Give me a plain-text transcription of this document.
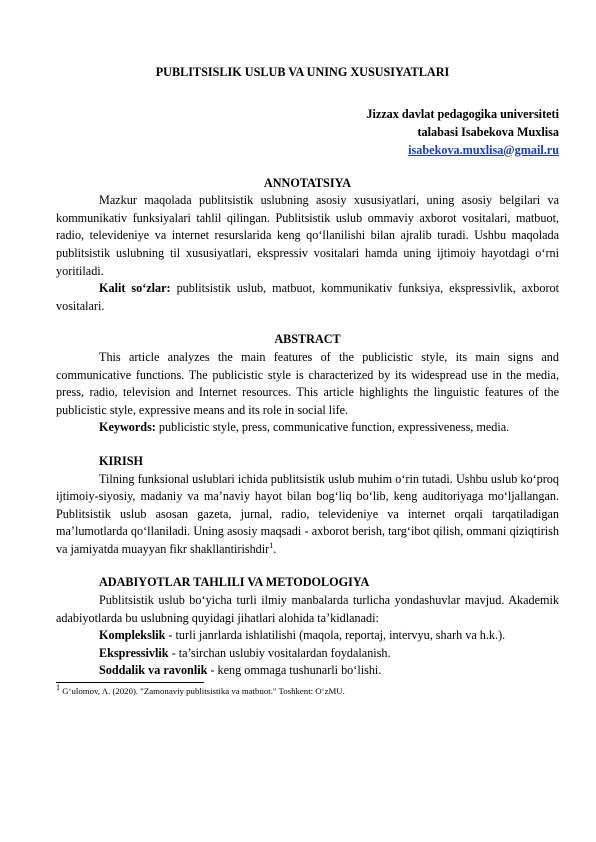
PUBLITSISLIK USLUB VA UNING XUSUSIYATLARI
Jizzax davlat pedagogika universiteti
talabasi Isabekova Muxlisa
isabekova.muxlisa@gmail.ru
ANNOTATSIYA

Mazkur maqolada publitsistik uslubning asosiy xususiyatlari, uning asosiy belgilari va kommunikativ funksiyalari tahlil qilingan. Publitsistik uslub ommaviy axborot vositalari, matbuot, radio, televideniye va internet resurslarida keng qo‘llanilishi bilan ajralib turadi. Ushbu maqolada publitsistik uslubning til xususiyatlari, ekspressiv vositalari hamda uning ijtimoiy hayotdagi o‘rni yoritiladi.

Kalit so‘zlar: publitsistik uslub, matbuot, kommunikativ funksiya, ekspressivlik, axborot vositalari.

ABSTRACT

This article analyzes the main features of the publicistic style, its main signs and communicative functions. The publicistic style is characterized by its widespread use in the media, press, radio, television and Internet resources. This article highlights the linguistic features of the publicistic style, expressive means and its role in social life.

Keywords: publicistic style, press, communicative function, expressiveness, media.

KIRISH

Tilning funksional uslublari ichida publitsistik uslub muhim o‘rin tutadi. Ushbu uslub ko‘proq ijtimoiy-siyosiy, madaniy va ma’naviy hayot bilan bog‘liq bo‘lib, keng auditoriyaga mo‘ljallangan. Publitsistik uslub asosan gazeta, jurnal, radio, televideniye va internet orqali tarqatiladigan ma’lumotlarda qo‘llaniladi. Uning asosiy maqsadi - axborot berish, targ‘ibot qilish, ommani qiziqtirish va jamiyatda muayyan fikr shakllantirishdir$^1$.

ADABIYOTLAR TAHLILI VA METODOLOGIYA

Publitsistik uslub bo‘yicha turli ilmiy manbalarda turlicha yondashuvlar mavjud. Akademik adabiyotlarda bu uslubning quyidagi jihatlari alohida ta’kidlanadi:

Komplekslik - turli janrlarda ishlatilishi (maqola, reportaj, intervyu, sharh va h.k.).

Ekspressivlik - ta’sirchan uslubiy vositalardan foydalanish.

Soddalik va ravonlik - keng ommaga tushunarli bo‘lishi.

$^1$ G‘ulomov, A. (2020). "Zamonaviy publitsistika va matbuot." Toshkent: O‘zMU.
